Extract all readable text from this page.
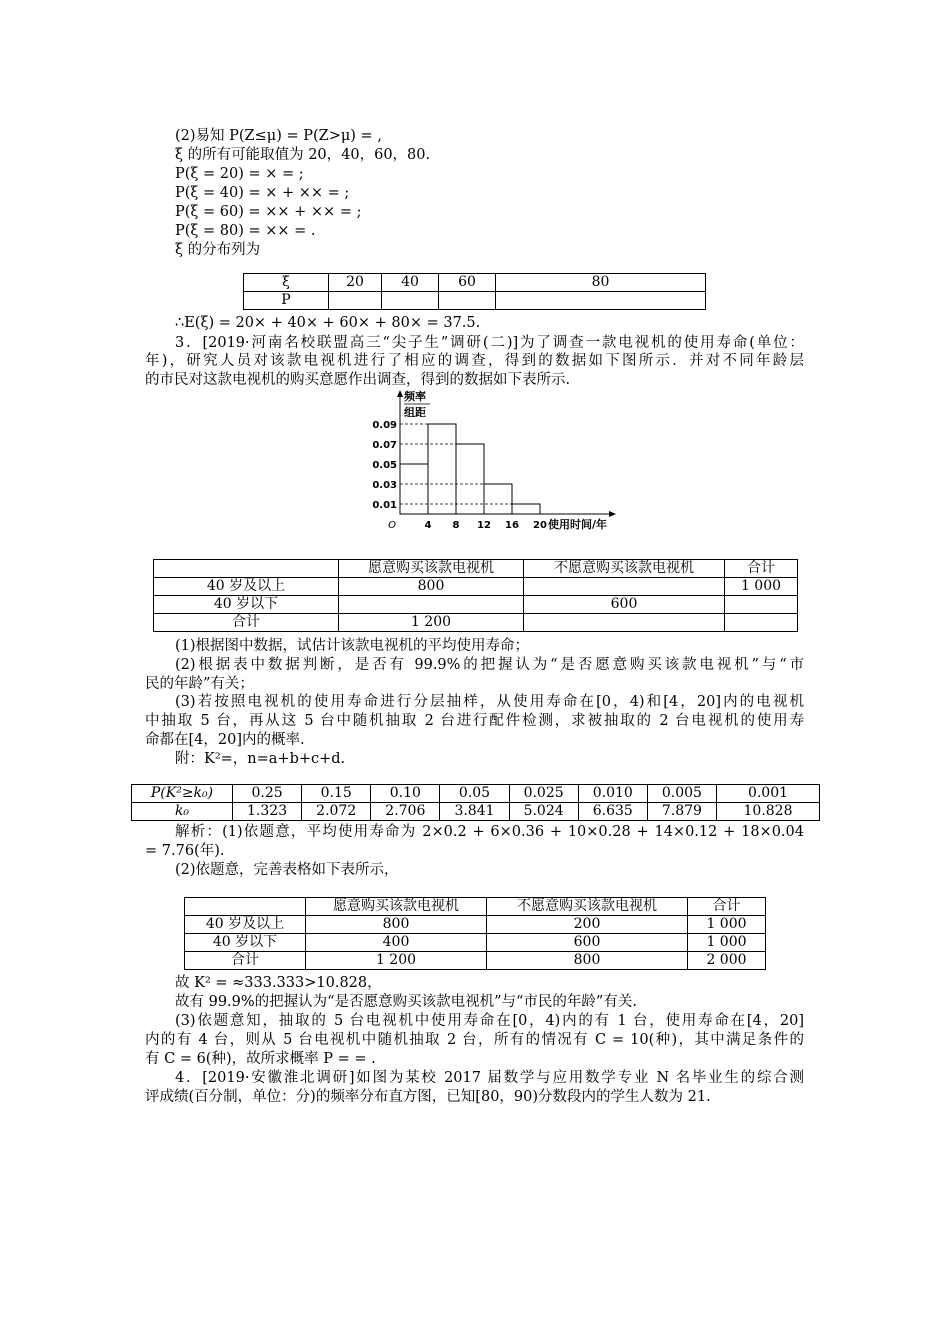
(2)易知 P(Z≤μ) = P(Z>μ) = ,
ξ 的所有可能取值为 20，40，60，80.
P(ξ = 20) = × = ;
P(ξ = 40) = × + ×× = ;
P(ξ = 60) = ×× + ×× = ;
P(ξ = 80) = ×× = .
ξ 的分布列为
ξ	20	40	60	80
P				
∴E(ξ) = 20× + 40× + 60× + 80× = 37.5.
3．[2019·河南名校联盟高三“尖子生”调研(二)]为了调查一款电视机的使用寿命(单位：
年)，研究人员对该款电视机进行了相应的调查，得到的数据如下图所示．并对不同年龄层
的市民对这款电视机的购买意愿作出调查，得到的数据如下表所示.
0.09
0.07
0.05
0.03
0.01
4 8 12 16 20
O
频率
组距
使用时间/年
	愿意购买该款电视机	不愿意购买该款电视机	合计
40 岁及以上	800		1 000
40 岁以下		600	
合计	1 200		
(1)根据图中数据，试估计该款电视机的平均使用寿命；
(2)根据表中数据判断，是否有 99.9%的把握认为“是否愿意购买该款电视机”与“市
民的年龄”有关；
(3)若按照电视机的使用寿命进行分层抽样，从使用寿命在[0，4)和[4，20]内的电视机
中抽取 5 台，再从这 5 台中随机抽取 2 台进行配件检测，求被抽取的 2 台电视机的使用寿
命都在[4，20]内的概率.
附：K²=，n=a+b+c+d.
P(K²≥k₀)	0.25	0.15	0.10	0.05	0.025	0.010	0.005	0.001
k₀	1.323	2.072	2.706	3.841	5.024	6.635	7.879	10.828
解析：(1)依题意，平均使用寿命为 2×0.2 + 6×0.36 + 10×0.28 + 14×0.12 + 18×0.04
= 7.76(年).
(2)依题意，完善表格如下表所示，
	愿意购买该款电视机	不愿意购买该款电视机	合计
40 岁及以上	800	200	1 000
40 岁以下	400	600	1 000
合计	1 200	800	2 000
故 K² = ≈333.333>10.828，
故有 99.9%的把握认为“是否愿意购买该款电视机”与“市民的年龄”有关.
(3)依题意知，抽取的 5 台电视机中使用寿命在[0，4)内的有 1 台，使用寿命在[4，20]
内的有 4 台，则从 5 台电视机中随机抽取 2 台，所有的情况有 C = 10(种)，其中满足条件的
有 C = 6(种)，故所求概率 P = = .
4．[2019·安徽淮北调研]如图为某校 2017 届数学与应用数学专业 N 名毕业生的综合测
评成绩(百分制，单位：分)的频率分布直方图，已知[80，90)分数段内的学生人数为 21.
